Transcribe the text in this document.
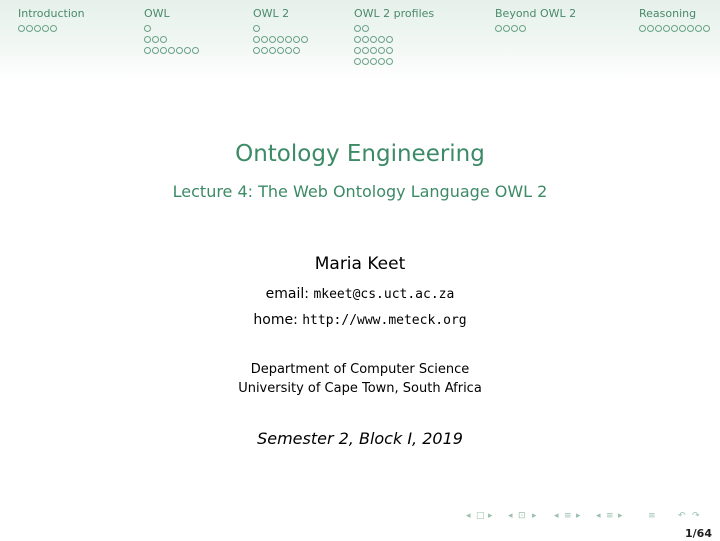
Introduction	OWL	OWL 2	OWL 2 profiles	Beyond OWL 2	Reasoning
Ontology Engineering
Lecture 4: The Web Ontology Language OWL 2
Maria Keet
email: mkeet@cs.uct.ac.za
home: http://www.meteck.org
Department of Computer Science
University of Cape Town, South Africa
Semester 2, Block I, 2019
◂ □ ▸ ◂ ⊡ ▸ ◂ ≡ ▸ ◂ ≡ ▸	≡ ↶ ↷
1/64
